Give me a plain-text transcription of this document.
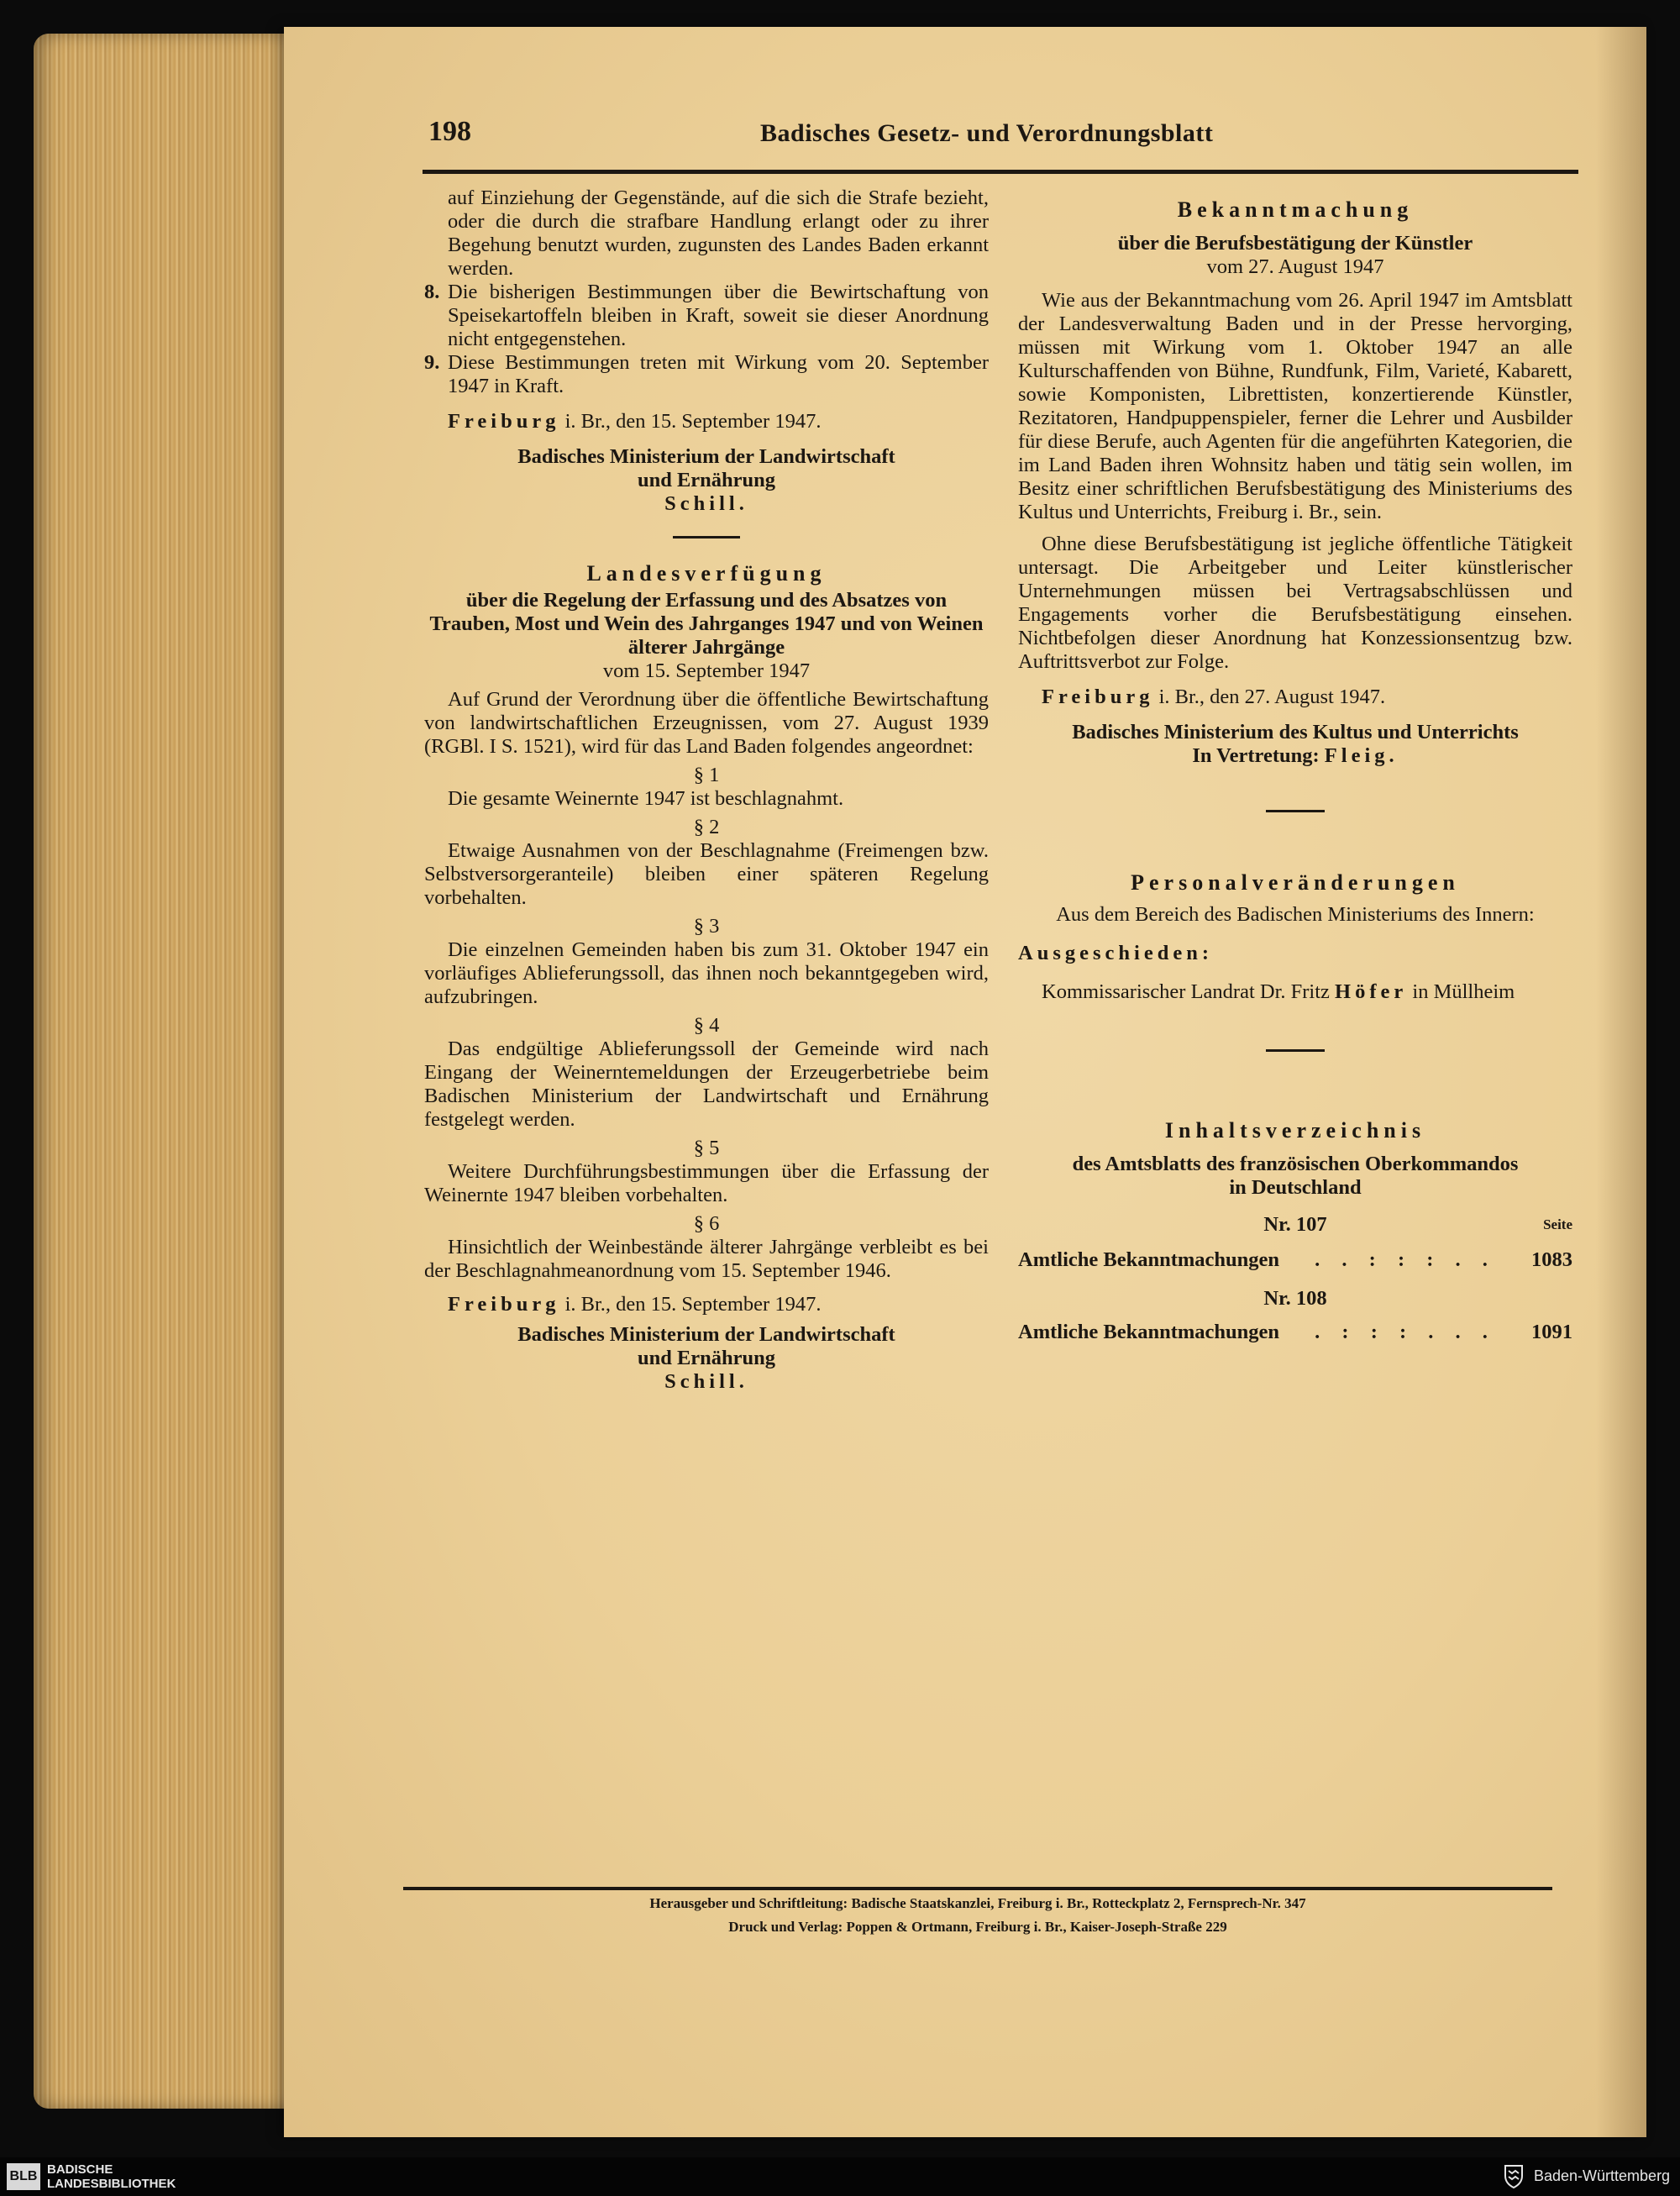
198	Badisches Gesetz- und Verordnungsblatt

auf Einziehung der Gegenstände, auf die sich die Strafe bezieht, oder die durch die strafbare Handlung erlangt oder zu ihrer Begehung benutzt wurden, zugunsten des Landes Baden erkannt werden.

8. Die bisherigen Bestimmungen über die Bewirtschaftung von Speisekartoffeln bleiben in Kraft, soweit sie dieser Anordnung nicht entgegenstehen.
9. Diese Bestimmungen treten mit Wirkung vom 20. September 1947 in Kraft.

Freiburg i. Br., den 15. September 1947.

Badisches Ministerium der Landwirtschaft

und Ernährung

Schill.

Landesverfügung

über die Regelung der Erfassung und des Absatzes von Trauben, Most und Wein des Jahrganges 1947 und von Weinen älterer Jahrgänge

vom 15. September 1947

Auf Grund der Verordnung über die öffentliche Bewirtschaftung von landwirtschaftlichen Erzeugnissen, vom 27. August 1939 (RGBl. I S. 1521), wird für das Land Baden folgendes angeordnet:

§ 1

Die gesamte Weinernte 1947 ist beschlagnahmt.

§ 2

Etwaige Ausnahmen von der Beschlagnahme (Freimengen bzw. Selbstversorgeranteile) bleiben einer späteren Regelung vorbehalten.

§ 3

Die einzelnen Gemeinden haben bis zum 31. Oktober 1947 ein vorläufiges Ablieferungssoll, das ihnen noch bekanntgegeben wird, aufzubringen.

§ 4

Das endgültige Ablieferungssoll der Gemeinde wird nach Eingang der Weinerntemeldungen der Erzeugerbetriebe beim Badischen Ministerium der Landwirtschaft und Ernährung festgelegt werden.

§ 5

Weitere Durchführungsbestimmungen über die Erfassung der Weinernte 1947 bleiben vorbehalten.

§ 6

Hinsichtlich der Weinbestände älterer Jahrgänge verbleibt es bei der Beschlagnahmeanordnung vom 15. September 1946.

Freiburg i. Br., den 15. September 1947.

Badisches Ministerium der Landwirtschaft

und Ernährung

Schill.

Bekanntmachung

über die Berufsbestätigung der Künstler

vom 27. August 1947

Wie aus der Bekanntmachung vom 26. April 1947 im Amtsblatt der Landesverwaltung Baden und in der Presse hervorging, müssen mit Wirkung vom 1. Oktober 1947 an alle Kulturschaffenden von Bühne, Rundfunk, Film, Varieté, Kabarett, sowie Komponisten, Librettisten, konzertierende Künstler, Rezitatoren, Handpuppenspieler, ferner die Lehrer und Ausbilder für diese Berufe, auch Agenten für die angeführten Kategorien, die im Land Baden ihren Wohnsitz haben und tätig sein wollen, im Besitz einer schriftlichen Berufsbestätigung des Ministeriums des Kultus und Unterrichts, Freiburg i. Br., sein.

Ohne diese Berufsbestätigung ist jegliche öffentliche Tätigkeit untersagt. Die Arbeitgeber und Leiter künstlerischer Unternehmungen müssen bei Vertragsabschlüssen und Engagements vorher die Berufsbestätigung einsehen. Nichtbefolgen dieser Anordnung hat Konzessionsentzug bzw. Auftrittsverbot zur Folge.

Freiburg i. Br., den 27. August 1947.

Badisches Ministerium des Kultus und Unterrichts

In Vertretung: Fleig.

Personalveränderungen

Aus dem Bereich des Badischen Ministeriums des Innern:

Ausgeschieden:

Kommissarischer Landrat Dr. Fritz Höfer in Müllheim

Inhaltsverzeichnis

des Amtsblatts des französischen Oberkommandos in Deutschland

Nr. 107	Seite
Amtliche Bekanntmachungen	. . : : : . .	1083

Nr. 108

Amtliche Bekanntmachungen	. : : : . . .	1091
Herausgeber und Schriftleitung: Badische Staatskanzlei, Freiburg i. Br., Rotteckplatz 2, Fernsprech-Nr. 347
Druck und Verlag: Poppen & Ortmann, Freiburg i. Br., Kaiser-Joseph-Straße 229
BLB BADISCHE
LANDESBIBLIOTHEK	Baden-Württemberg
